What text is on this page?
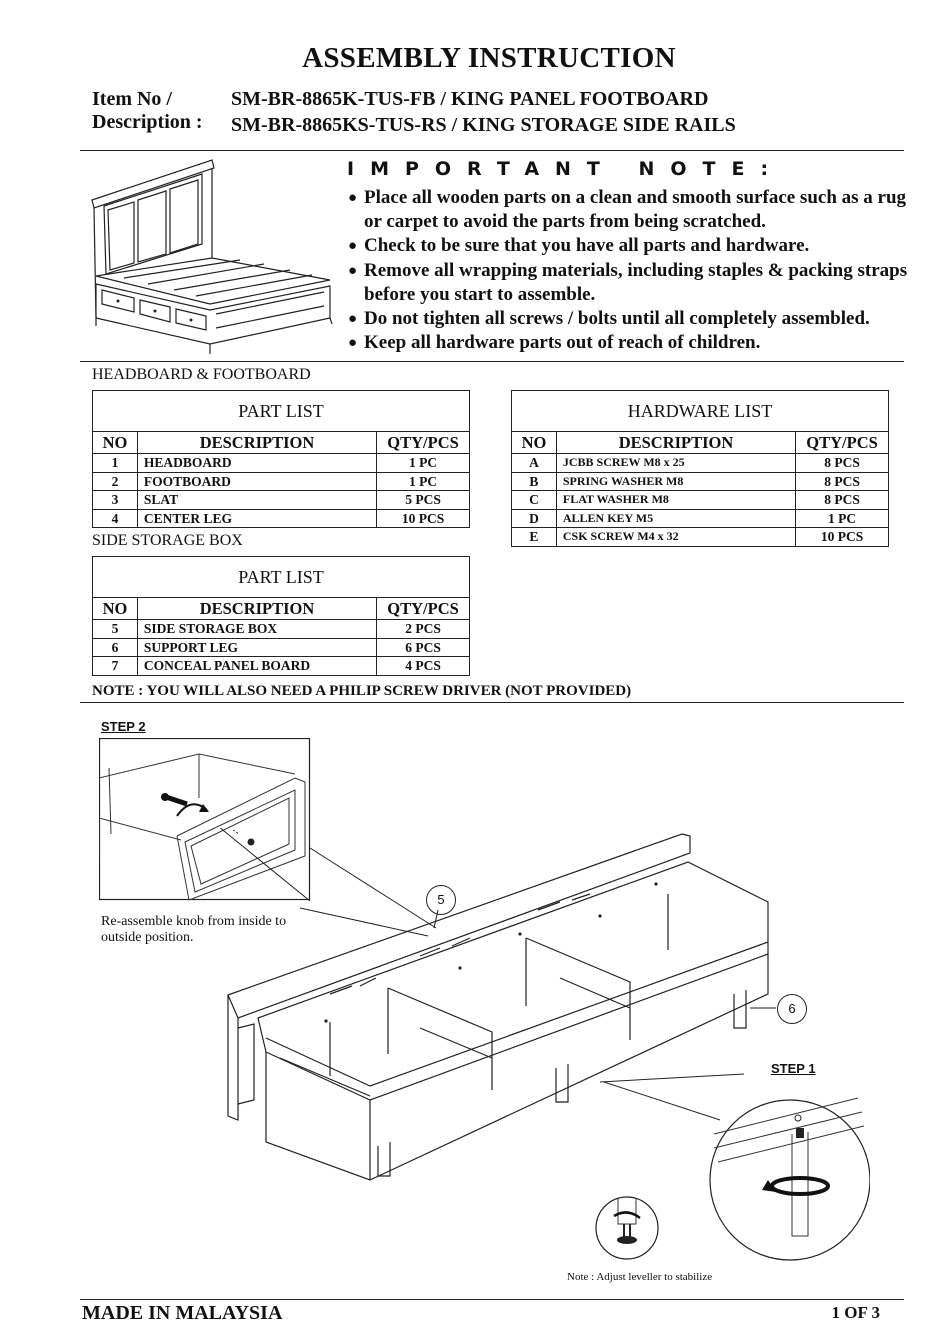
ASSEMBLY INSTRUCTION
Item No /
Description :
SM-BR-8865K-TUS-FB / KING PANEL FOOTBOARD
SM-BR-8865KS-TUS-RS / KING STORAGE SIDE RAILS
IMPORTANT NOTE:
● Place all wooden parts on a clean and smooth surface such as a rug or carpet to avoid the parts from being scratched.
● Check to be sure that you have all parts and hardware.
● Remove all wrapping materials, including staples & packing straps before you start to assemble.
● Do not tighten all screws / bolts until all completely assembled.
● Keep all hardware parts out of reach of children.
HEADBOARD & FOOTBOARD
PART LIST		
NO	DESCRIPTION	QTY/PCS
1	HEADBOARD	1 PC
2	FOOTBOARD	1 PC
3	SLAT	5 PCS
4	CENTER LEG	10 PCS
HARDWARE LIST		
NO	DESCRIPTION	QTY/PCS
A	JCBB SCREW M8 x 25	8 PCS
B	SPRING WASHER M8	8 PCS
C	FLAT WASHER M8	8 PCS
D	ALLEN KEY M5	1 PC
E	CSK SCREW M4 x 32	10 PCS
SIDE STORAGE BOX
PART LIST		
NO	DESCRIPTION	QTY/PCS
5	SIDE STORAGE BOX	2 PCS
6	SUPPORT LEG	6 PCS
7	CONCEAL PANEL BOARD	4 PCS
NOTE : YOU WILL ALSO NEED A PHILIP SCREW DRIVER (NOT PROVIDED)
STEP 2
Re-assemble knob from inside to outside position.
5
6
STEP 1
Note : Adjust leveller to stabilize
MADE IN MALAYSIA	1 OF 3
